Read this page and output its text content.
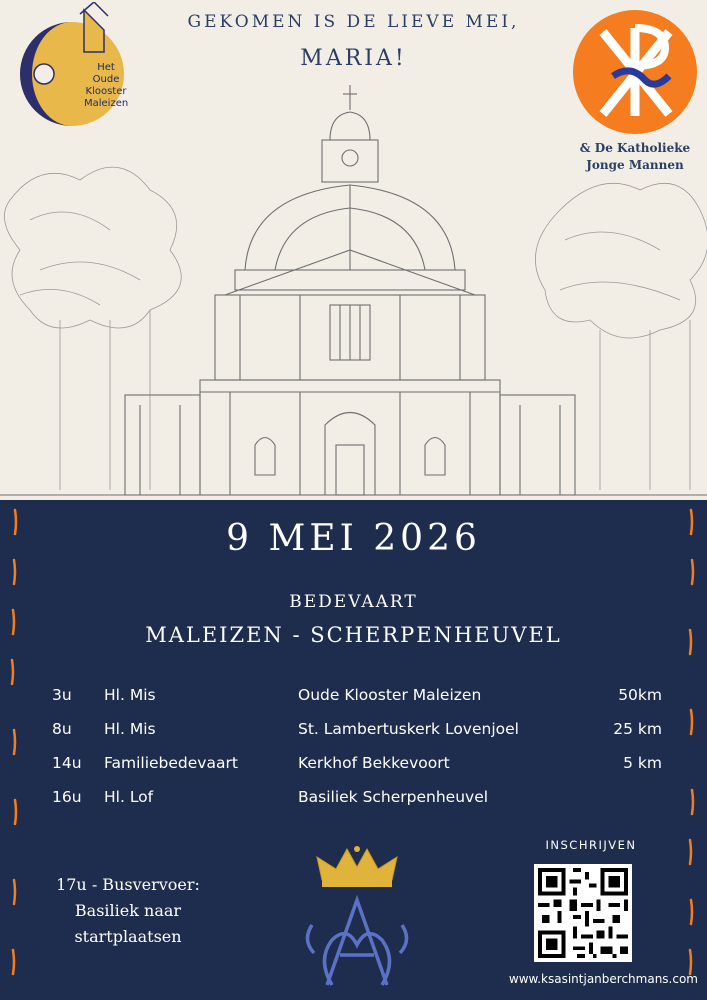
GEKOMEN IS DE LIEVE MEI,
MARIA!
Het
Oude
Klooster
Maleizen
& De Katholieke
Jonge Mannen
9 MEI 2026
BEDEVAART
MALEIZEN - SCHERPENHEUVEL
3u Hl. Mis	Oude Klooster Maleizen	50km
8u Hl. Mis	St. Lambertuskerk Lovenjoel	25 km
14u Familiebedevaart	Kerkhof Bekkevoort	5 km
16u Hl. Lof	Basiliek Scherpenheuvel
17u - Busvervoer:
Basiliek naar
startplaatsen
INSCHRIJVEN
www.ksasintjanberchmans.com
